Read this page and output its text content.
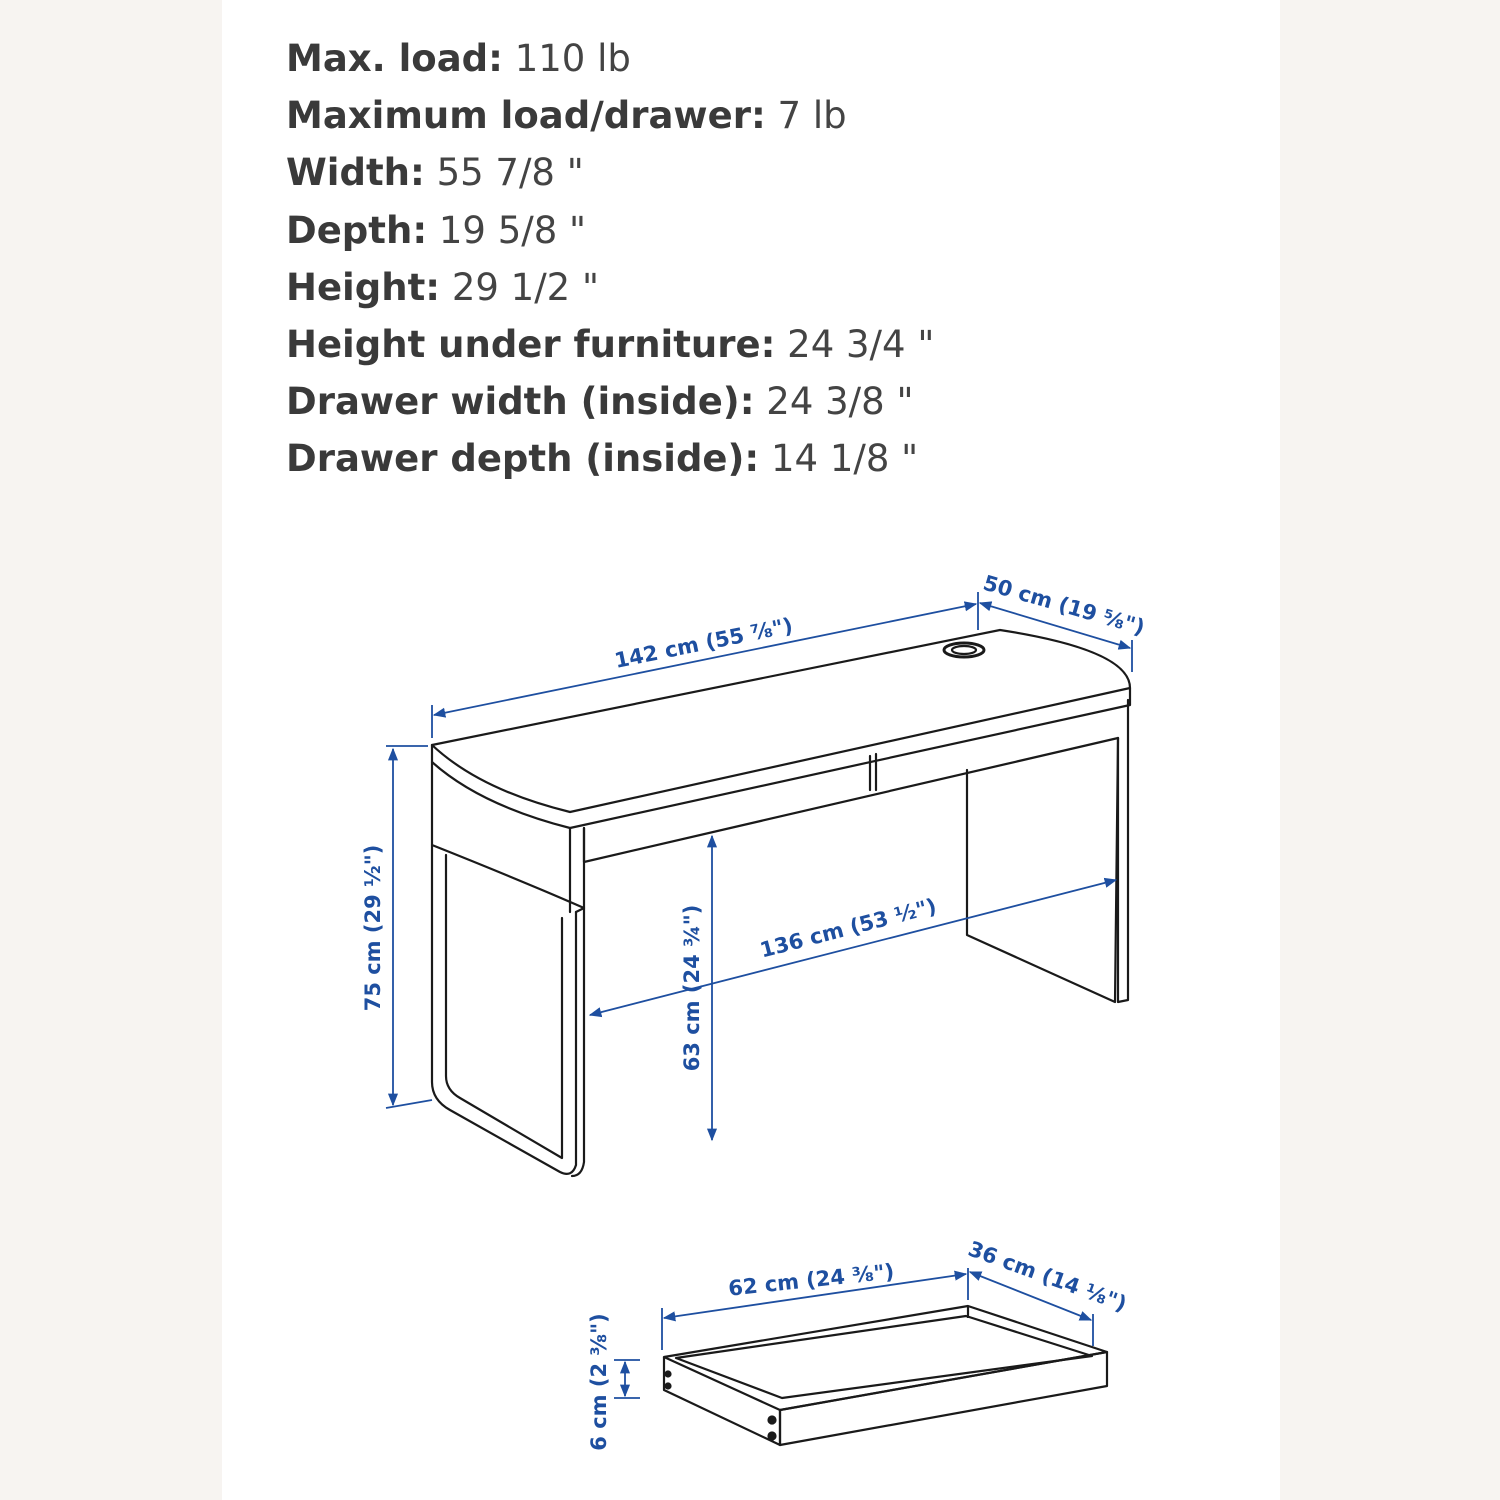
Max. load: 110 lb
Maximum load/drawer: 7 lb
Width: 55 7/8 "
Depth: 19 5/8 "
Height: 29 1/2 "
Height under furniture: 24 3/4 "
Drawer width (inside): 24 3/8 "
Drawer depth (inside): 14 1/8 "
142 cm (55 ⅞")
50 cm (19 ⅝")
75 cm (29 ½")	63 cm (24 ¾")	136 cm (53 ½")
62 cm (24 ⅜")	36 cm (14 ⅛")
6 cm (2 ⅜")
